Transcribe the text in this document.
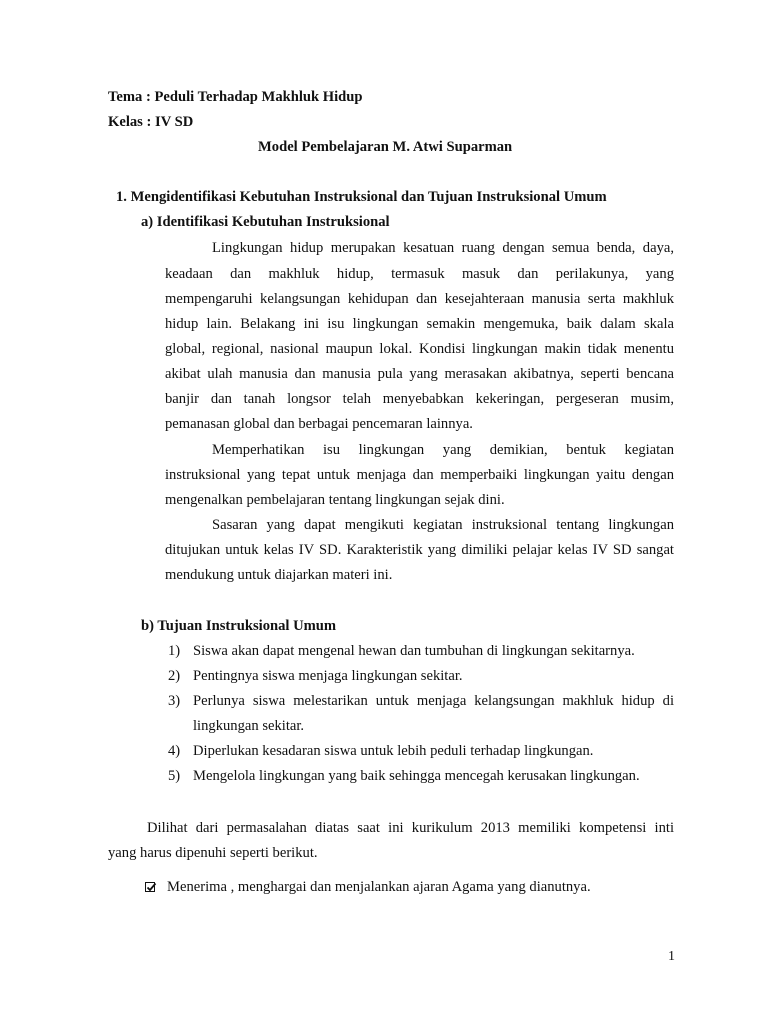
Tema : Peduli Terhadap Makhluk Hidup
Kelas : IV SD
Model Pembelajaran M. Atwi Suparman
1. Mengidentifikasi Kebutuhan Instruksional dan Tujuan Instruksional Umum
a) Identifikasi Kebutuhan Instruksional
Lingkungan hidup merupakan kesatuan ruang dengan semua benda, daya,
keadaan dan makhluk hidup, termasuk masuk dan perilakunya, yang
mempengaruhi kelangsungan kehidupan dan kesejahteraan manusia serta makhluk
hidup lain. Belakang ini isu lingkungan semakin mengemuka, baik dalam skala
global, regional, nasional maupun lokal. Kondisi lingkungan makin tidak menentu
akibat ulah manusia dan manusia pula yang merasakan akibatnya, seperti bencana
banjir dan tanah longsor telah menyebabkan kekeringan, pergeseran musim,
pemanasan global dan berbagai pencemaran lainnya.
Memperhatikan isu lingkungan yang demikian, bentuk kegiatan
instruksional yang tepat untuk menjaga dan memperbaiki lingkungan yaitu dengan
mengenalkan pembelajaran tentang lingkungan sejak dini.
Sasaran yang dapat mengikuti kegiatan instruksional tentang lingkungan
ditujukan untuk kelas IV SD. Karakteristik yang dimiliki pelajar kelas IV SD sangat
mendukung untuk diajarkan materi ini.
b) Tujuan Instruksional Umum
1) Siswa akan dapat mengenal hewan dan tumbuhan di lingkungan sekitarnya.
2) Pentingnya siswa menjaga lingkungan sekitar.
3) Perlunya siswa melestarikan untuk menjaga kelangsungan makhluk hidup di
lingkungan sekitar.
4) Diperlukan kesadaran siswa untuk lebih peduli terhadap lingkungan.
5) Mengelola lingkungan yang baik sehingga mencegah kerusakan lingkungan.
Dilihat dari permasalahan diatas saat ini kurikulum 2013 memiliki kompetensi inti
yang harus dipenuhi seperti berikut.
Menerima , menghargai dan menjalankan ajaran Agama yang dianutnya.
1
